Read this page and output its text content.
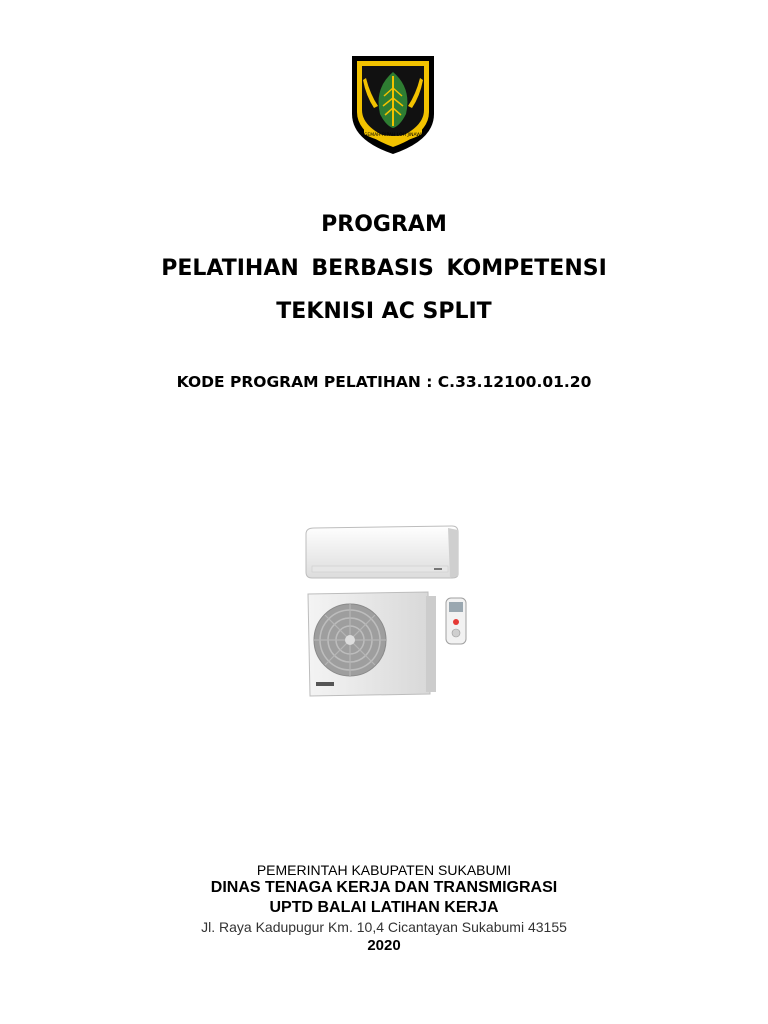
GEMAH RIPAH LOH JINAWI
PROGRAM
PELATIHAN BERBASIS KOMPETENSI
TEKNISI AC SPLIT
KODE PROGRAM PELATIHAN : C.33.12100.01.20
PEMERINTAH KABUPATEN SUKABUMI
DINAS TENAGA KERJA DAN TRANSMIGRASI
UPTD BALAI LATIHAN KERJA
Jl. Raya Kadupugur Km. 10,4 Cicantayan Sukabumi 43155
2020
